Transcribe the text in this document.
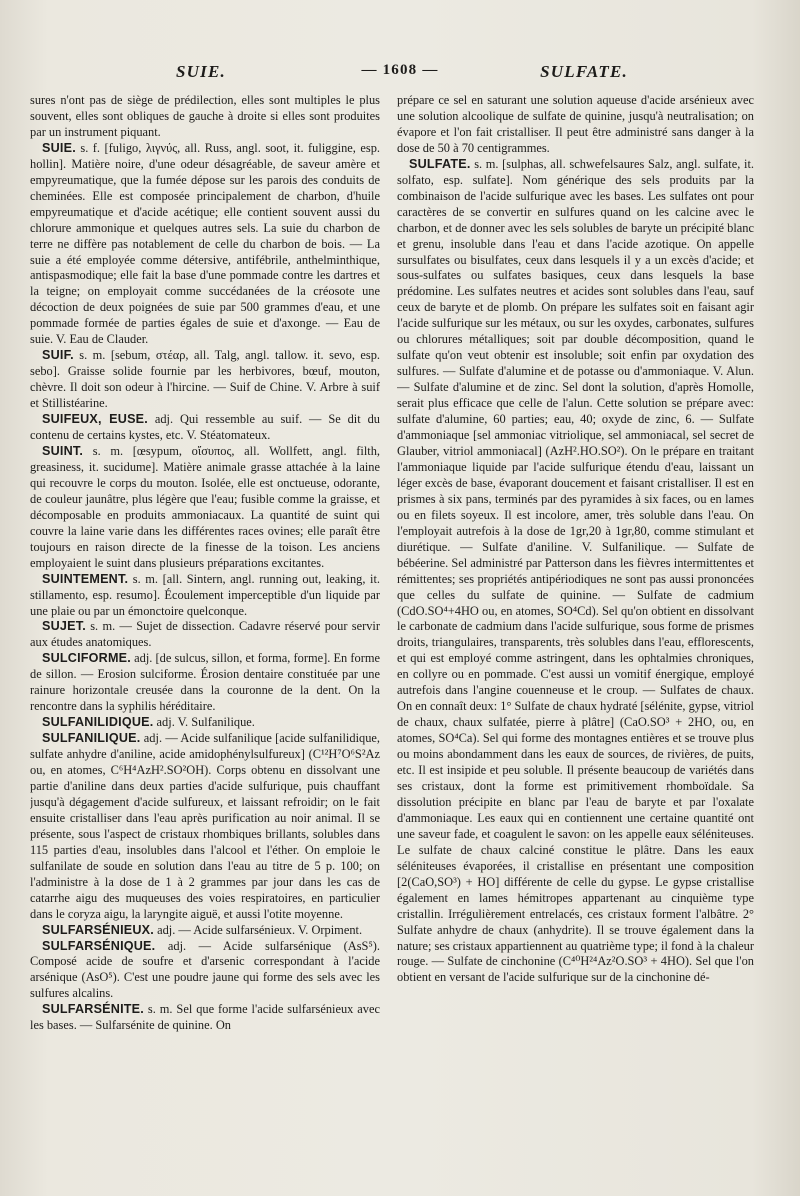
SUIE.	— 1608 —	SULFATE.

sures n'ont pas de siège de prédilection, elles sont multiples le plus souvent, elles sont obliques de gauche à droite si elles sont produites par un instrument piquant.

SUIE. s. f. [fuligo, λιγνύς, all. Russ, angl. soot, it. fuliggine, esp. hollin]. Matière noire, d'une odeur désagréable, de saveur amère et empyreumatique, que la fumée dépose sur les parois des conduits de cheminées. Elle est composée principalement de charbon, d'huile empyreumatique et d'acide acétique; elle contient souvent aussi du chlorure ammonique et quelques autres sels. La suie du charbon de terre ne diffère pas notablement de celle du charbon de bois. — La suie a été employée comme détersive, antifébrile, anthelminthique, antispasmodique; elle fait la base d'une pommade contre les dartres et la teigne; on employait comme succédanées de la créosote une décoction de deux poignées de suie par 500 grammes d'eau, et une pommade formée de parties égales de suie et d'axonge. — Eau de suie. V. Eau de Clauder.

SUIF. s. m. [sebum, στέαρ, all. Talg, angl. tallow. it. sevo, esp. sebo]. Graisse solide fournie par les herbivores, bœuf, mouton, chèvre. Il doit son odeur à l'hircine. — Suif de Chine. V. Arbre à suif et Stillistéarine.

SUIFEUX, EUSE. adj. Qui ressemble au suif. — Se dit du contenu de certains kystes, etc. V. Stéatomateux.

SUINT. s. m. [œsypum, οἴσυπος, all. Wollfett, angl. filth, greasiness, it. sucidume]. Matière animale grasse attachée à la laine qui recouvre le corps du mouton. Isolée, elle est onctueuse, odorante, de couleur jaunâtre, plus légère que l'eau; fusible comme la graisse, et décomposable en produits ammoniacaux. La quantité de suint qui couvre la laine varie dans les différentes races ovines; elle paraît être toujours en raison directe de la finesse de la toison. Les anciens employaient le suint dans plusieurs préparations excitantes.

SUINTEMENT. s. m. [all. Sintern, angl. running out, leaking, it. stillamento, esp. resumo]. Écoulement imperceptible d'un liquide par une plaie ou par un émonctoire quelconque.

SUJET. s. m. — Sujet de dissection. Cadavre réservé pour servir aux études anatomiques.

SULCIFORME. adj. [de sulcus, sillon, et forma, forme]. En forme de sillon. — Erosion sulciforme. Érosion dentaire constituée par une rainure horizontale creusée dans la couronne de la dent. On la rencontre dans la syphilis héréditaire.

SULFANILIDIQUE. adj. V. Sulfanilique.

SULFANILIQUE. adj. — Acide sulfanilique [acide sulfanilidique, sulfate anhydre d'aniline, acide amidophénylsulfureux] (C¹²H⁷O⁶S²Az ou, en atomes, C⁶H⁴AzH².SO²OH). Corps obtenu en dissolvant une partie d'aniline dans deux parties d'acide sulfurique, puis chauffant jusqu'à dégagement d'acide sulfureux, et laissant refroidir; on le fait ensuite cristalliser dans l'eau après purification au noir animal. Il se présente, sous l'aspect de cristaux rhombiques brillants, solubles dans 115 parties d'eau, insolubles dans l'alcool et l'éther. On emploie le sulfanilate de soude en solution dans l'eau au titre de 5 p. 100; on l'administre à la dose de 1 à 2 grammes par jour dans les cas de catarrhe aigu des muqueuses des voies respiratoires, en particulier dans le coryza aigu, la laryngite aiguë, et aussi l'otite moyenne.

SULFARSÉNIEUX. adj. — Acide sulfarsénieux. V. Orpiment.

SULFARSÉNIQUE. adj. — Acide sulfarsénique (AsS⁵). Composé acide de soufre et d'arsenic correspondant à l'acide arsénique (AsO⁵). C'est une poudre jaune qui forme des sels avec les sulfures alcalins.

SULFARSÉNITE. s. m. Sel que forme l'acide sulfarsénieux avec les bases. — Sulfarsénite de quinine. On

prépare ce sel en saturant une solution aqueuse d'acide arsénieux avec une solution alcoolique de sulfate de quinine, jusqu'à neutralisation; on évapore et l'on fait cristalliser. Il peut être administré sans danger à la dose de 50 à 70 centigrammes.

SULFATE. s. m. [sulphas, all. schwefelsaures Salz, angl. sulfate, it. solfato, esp. sulfate]. Nom générique des sels produits par la combinaison de l'acide sulfurique avec les bases. Les sulfates ont pour caractères de se convertir en sulfures quand on les calcine avec le charbon, et de donner avec les sels solubles de baryte un précipité blanc et grenu, insoluble dans l'eau et dans l'acide azotique. On appelle sursulfates ou bisulfates, ceux dans lesquels il y a un excès d'acide; et sous-sulfates ou sulfates basiques, ceux dans lesquels la base prédomine. Les sulfates neutres et acides sont solubles dans l'eau, sauf ceux de baryte et de plomb. On prépare les sulfates soit en faisant agir l'acide sulfurique sur les métaux, ou sur les oxydes, carbonates, sulfures ou chlorures métalliques; soit par double décomposition, quand le sulfate qu'on veut obtenir est insoluble; soit enfin par oxydation des sulfures. — Sulfate d'alumine et de potasse ou d'ammoniaque. V. Alun. — Sulfate d'alumine et de zinc. Sel dont la solution, d'après Homolle, serait plus efficace que celle de l'alun. Cette solution se prépare avec: sulfate d'alumine, 60 parties; eau, 40; oxyde de zinc, 6. — Sulfate d'ammoniaque [sel ammoniac vitriolique, sel ammoniacal, sel secret de Glauber, vitriol ammoniacal] (AzH².HO.SO²). On le prépare en traitant l'ammoniaque liquide par l'acide sulfurique étendu d'eau, laissant un léger excès de base, évaporant doucement et faisant cristalliser. Il est en prismes à six pans, terminés par des pyramides à six faces, ou en lames ou en filets soyeux. Il est incolore, amer, très soluble dans l'eau. On l'employait autrefois à la dose de 1gr,20 à 1gr,80, comme stimulant et diurétique. — Sulfate d'aniline. V. Sulfanilique. — Sulfate de bébéerine. Sel administré par Patterson dans les fièvres intermittentes et rémittentes; ses propriétés antipériodiques ne sont pas aussi prononcées que celles du sulfate de quinine. — Sulfate de cadmium (CdO.SO⁴+4HO ou, en atomes, SO⁴Cd). Sel qu'on obtient en dissolvant le carbonate de cadmium dans l'acide sulfurique, sous forme de prismes droits, triangulaires, transparents, très solubles dans l'eau, efflorescents, et qui est employé comme astringent, dans les ophtalmies chroniques, en collyre ou en pommade. C'est aussi un vomitif énergique, employé autrefois dans l'angine couenneuse et le croup. — Sulfates de chaux. On en connaît deux: 1° Sulfate de chaux hydraté [sélénite, gypse, vitriol de chaux, chaux sulfatée, pierre à plâtre] (CaO.SO³ + 2HO, ou, en atomes, SO⁴Ca). Sel qui forme des montagnes entières et se trouve plus ou moins abondamment dans les eaux de sources, de rivières, de puits, etc. Il est insipide et peu soluble. Il présente beaucoup de variétés dans ses cristaux, dont la forme est primitivement rhomboïdale. Sa dissolution précipite en blanc par l'eau de baryte et par l'oxalate d'ammoniaque. Les eaux qui en contiennent une certaine quantité ont une saveur fade, et coagulent le savon: on les appelle eaux séléniteuses. Le sulfate de chaux calciné constitue le plâtre. Dans les eaux séléniteuses évaporées, il cristallise en présentant une composition [2(CaO,SO³) + HO] différente de celle du gypse. Le gypse cristallise également en lames hémitropes appartenant au cinquième type cristallin. Irrégulièrement entrelacés, ces cristaux forment l'albâtre. 2° Sulfate anhydre de chaux (anhydrite). Il se trouve également dans la nature; ses cristaux appartiennent au quatrième type; il fond à la chaleur rouge. — Sulfate de cinchonine (C⁴⁰H²⁴Az²O.SO³ + 4HO). Sel que l'on obtient en versant de l'acide sulfurique sur de la cinchonine dé-
